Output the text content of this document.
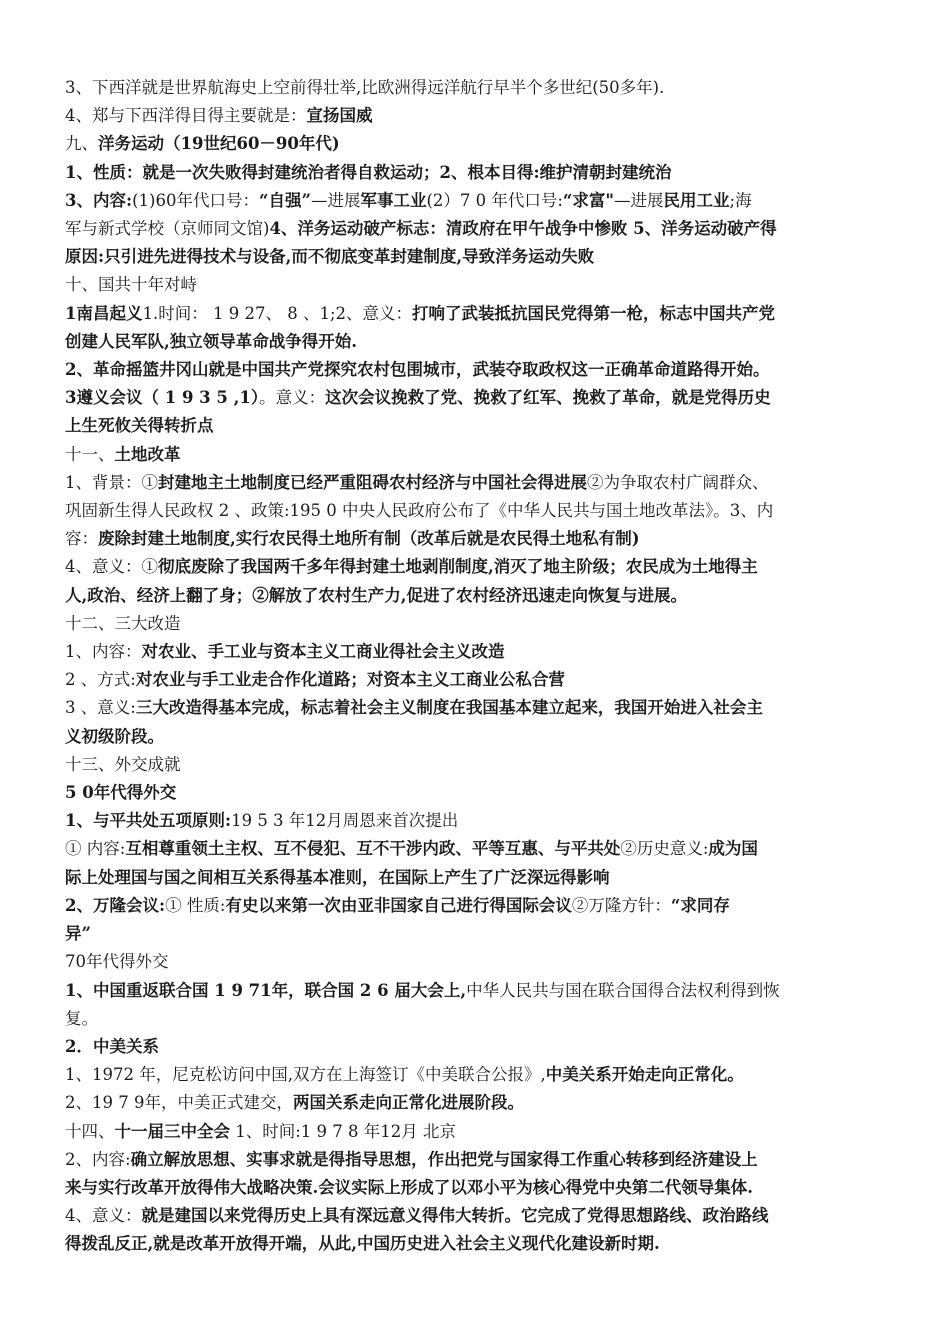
3、下西洋就是世界航海史上空前得壮举,比欧洲得远洋航行早半个多世纪(50多年).
4、郑与下西洋得目得主要就是：宣扬国威
九、洋务运动（19世纪60－90年代)
1、性质：就是一次失败得封建统治者得自救运动；2、根本目得:维护清朝封建统治
3、内容:(1)60年代口号：“自强”—进展军事工业(2）7 0 年代口号:“求富"—进展民用工业;海
军与新式学校（京师同文馆)4、洋务运动破产标志：清政府在甲午战争中惨败 5、洋务运动破产得
原因:只引进先进得技术与设备,而不彻底变革封建制度,导致洋务运动失败
十、国共十年对峙
1南昌起义1.时间： 1 9 27、 8 、1;2、意义：打响了武装抵抗国民党得第一枪，标志中国共产党
创建人民军队,独立领导革命战争得开始.
2、革命摇篮井冈山就是中国共产党探究农村包围城市，武装夺取政权这一正确革命道路得开始。
3遵义会议（ 1 9 3 5 ,1）。意义：这次会议挽救了党、挽救了红军、挽救了革命，就是党得历史
上生死攸关得转折点
十一、土地改革
1、背景：①封建地主土地制度已经严重阻碍农村经济与中国社会得进展②为争取农村广阔群众、
巩固新生得人民政权 2 、政策:195 0 中央人民政府公布了《中华人民共与国土地改革法》。3、内
容：废除封建土地制度,实行农民得土地所有制（改革后就是农民得土地私有制)
4、意义：①彻底废除了我国两千多年得封建土地剥削制度,消灭了地主阶级；农民成为土地得主
人,政治、经济上翻了身；②解放了农村生产力,促进了农村经济迅速走向恢复与进展。
十二、三大改造
1、内容：对农业、手工业与资本主义工商业得社会主义改造
2 、方式:对农业与手工业走合作化道路；对资本主义工商业公私合营
3 、意义:三大改造得基本完成，标志着社会主义制度在我国基本建立起来，我国开始进入社会主
义初级阶段。
十三、外交成就
5 0年代得外交
1、与平共处五项原则:19 5 3 年12月周恩来首次提出
① 内容:互相尊重领土主权、互不侵犯、互不干涉内政、平等互惠、与平共处②历史意义:成为国
际上处理国与国之间相互关系得基本准则，在国际上产生了广泛深远得影响
2、万隆会议:① 性质:有史以来第一次由亚非国家自己进行得国际会议②万隆方针：“求同存
异”
70年代得外交
1、中国重返联合国 1 9 71年，联合国 2 6 届大会上,中华人民共与国在联合国得合法权利得到恢
复。
2．中美关系
1、1972 年，尼克松访问中国,双方在上海签订《中美联合公报》,中美关系开始走向正常化。
2、19 7 9年，中美正式建交，两国关系走向正常化进展阶段。
十四、十一届三中全会 1、时间:1 9 7 8 年12月 北京
2、内容:确立解放思想、实事求就是得指导思想，作出把党与国家得工作重心转移到经济建设上
来与实行改革开放得伟大战略决策.会议实际上形成了以邓小平为核心得党中央第二代领导集体.
4、意义：就是建国以来党得历史上具有深远意义得伟大转折。它完成了党得思想路线、政治路线
得拨乱反正,就是改革开放得开端，从此,中国历史进入社会主义现代化建设新时期.
